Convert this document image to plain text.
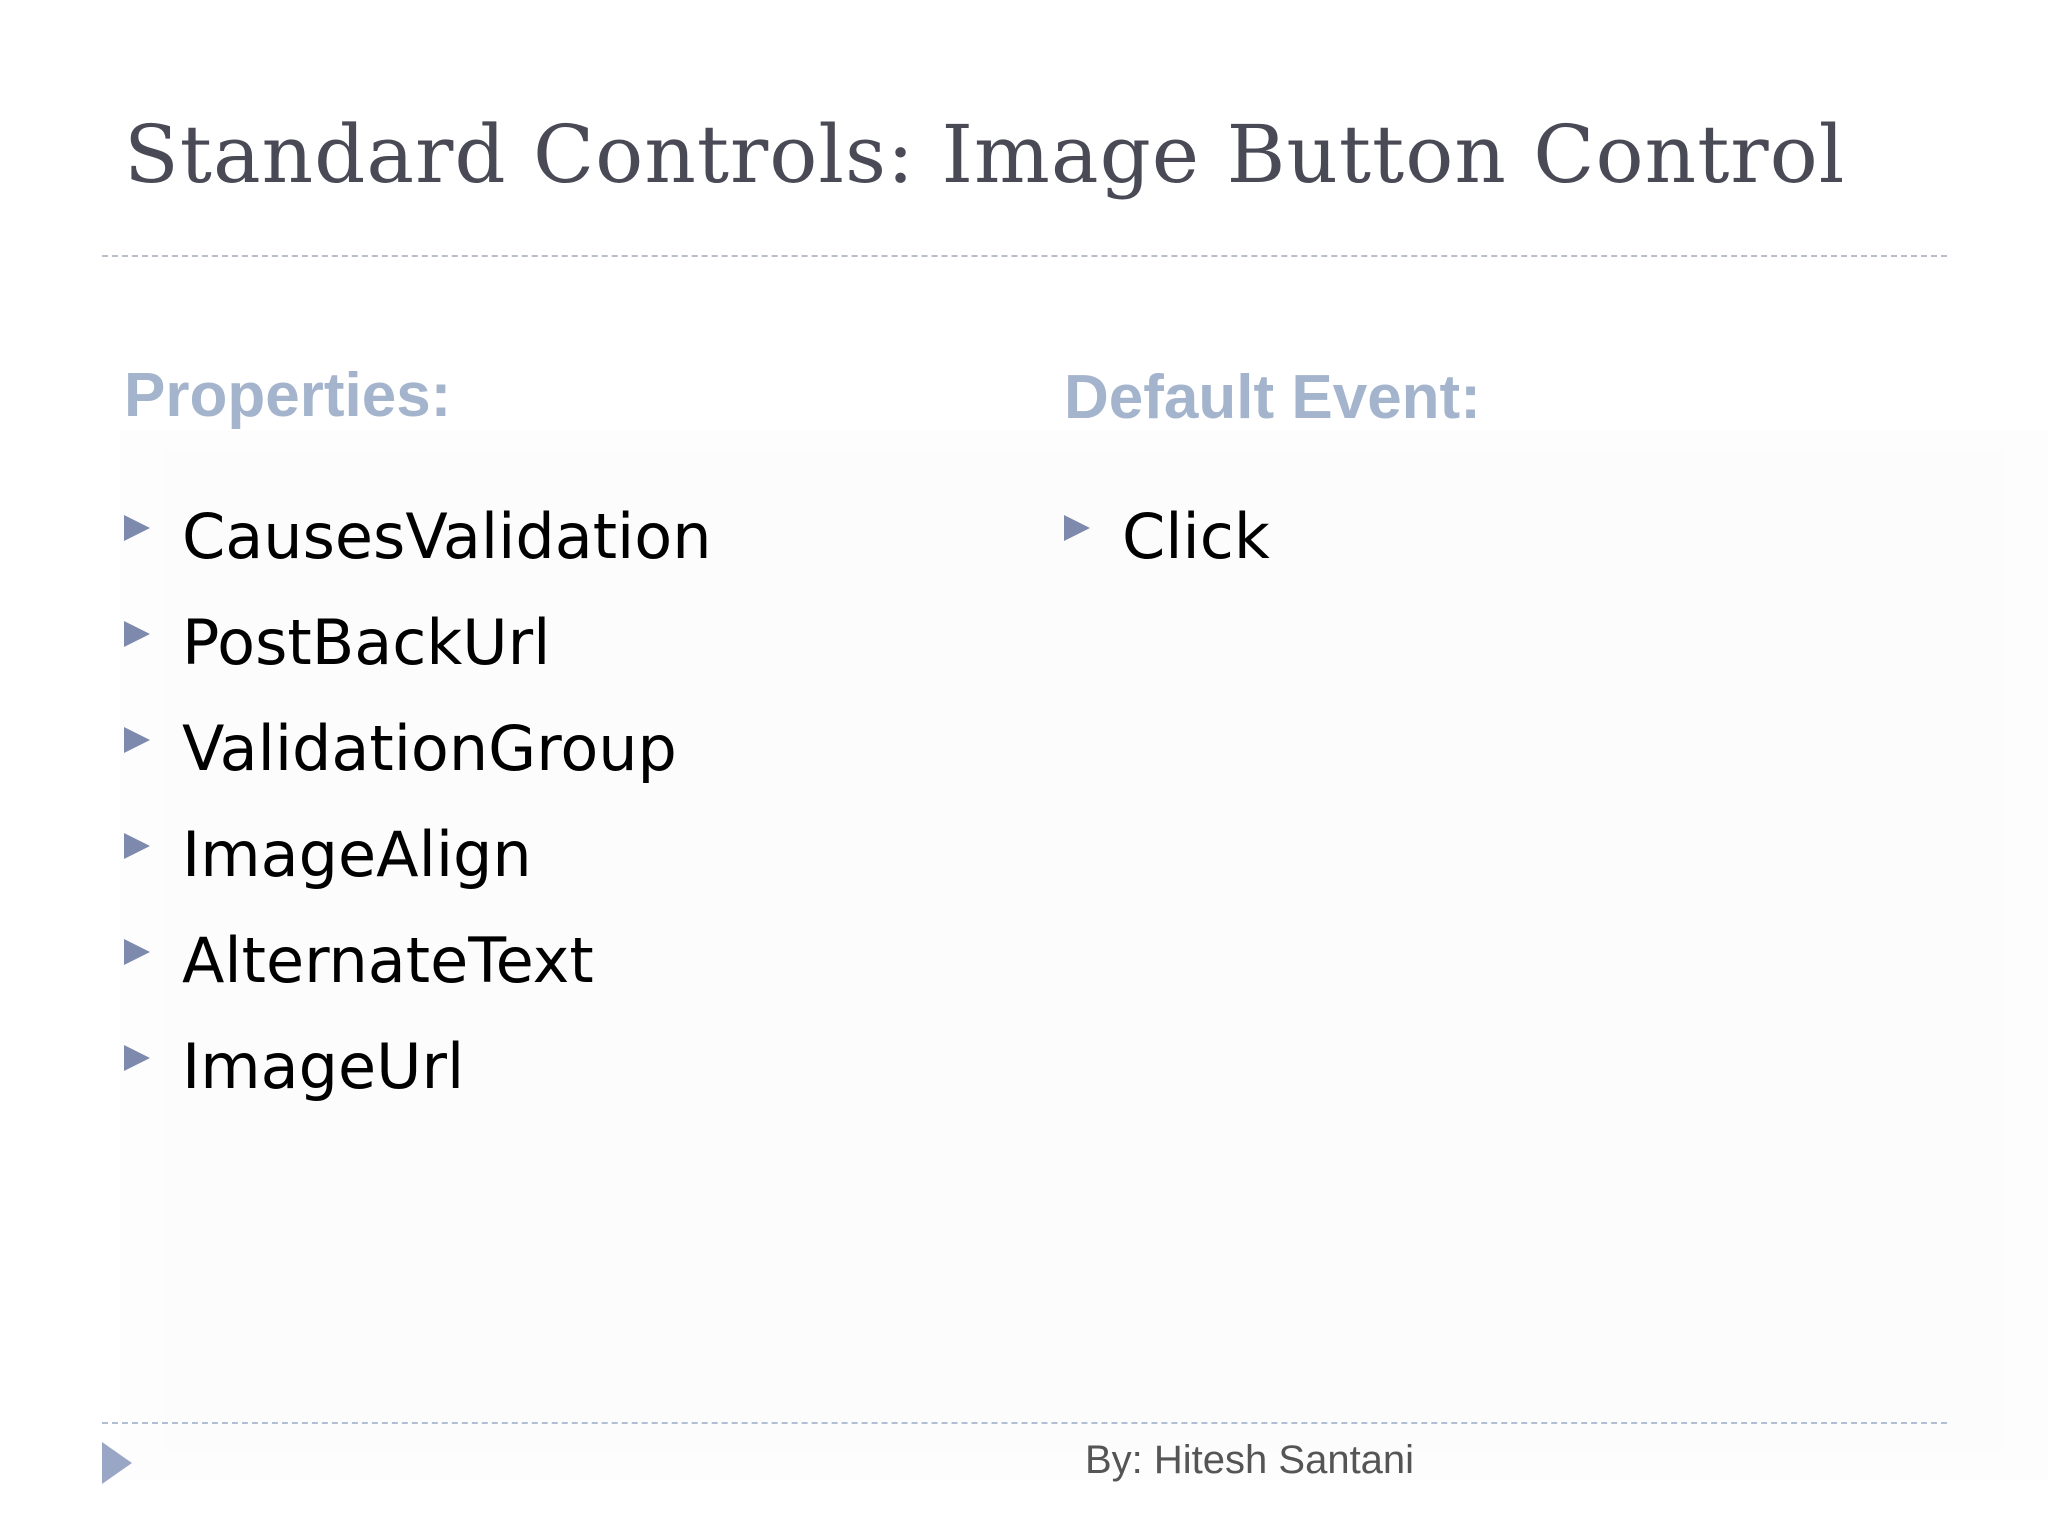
Standard Controls: Image Button Control
Properties:
CausesValidation
PostBackUrl
ValidationGroup
ImageAlign
AlternateText
ImageUrl
Default Event:
Click
By: Hitesh Santani
